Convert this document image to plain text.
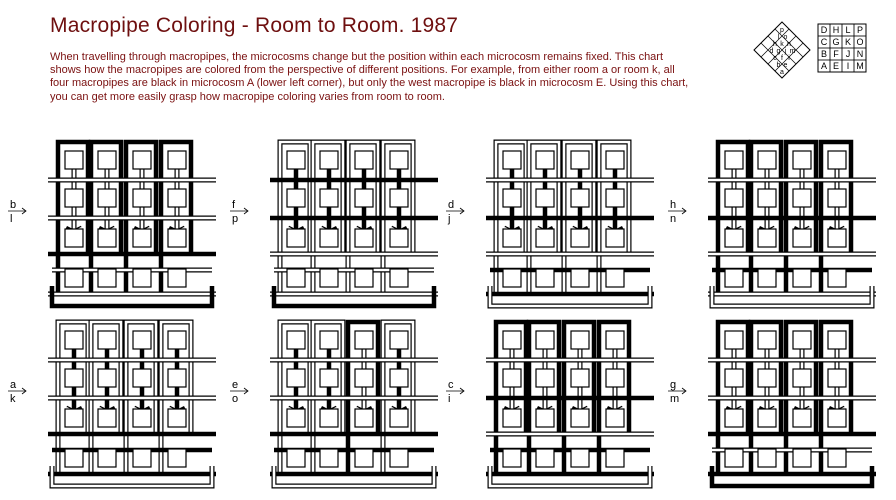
Macropipe Coloring - Room to Room. 1987
When travelling through macropipes, the microcosms change but the position within each microcosm remains fixed. This chart shows how the macropipes are colored from the perspective of different positions. For example, from either room a or room k, all four macropipes are black in microcosm A (lower left corner), but only the west macropipe is black in microcosm E. Using this chart, you can get more easily grasp how macropipe coloring varies from room to room.
p
l o
h k n
d g j m
c f i
b e
a
D H L P
C G K O
B F J N
A E I M
b
l
f
p
d
j
h
n
a
k
e
o
c
i
g
m
